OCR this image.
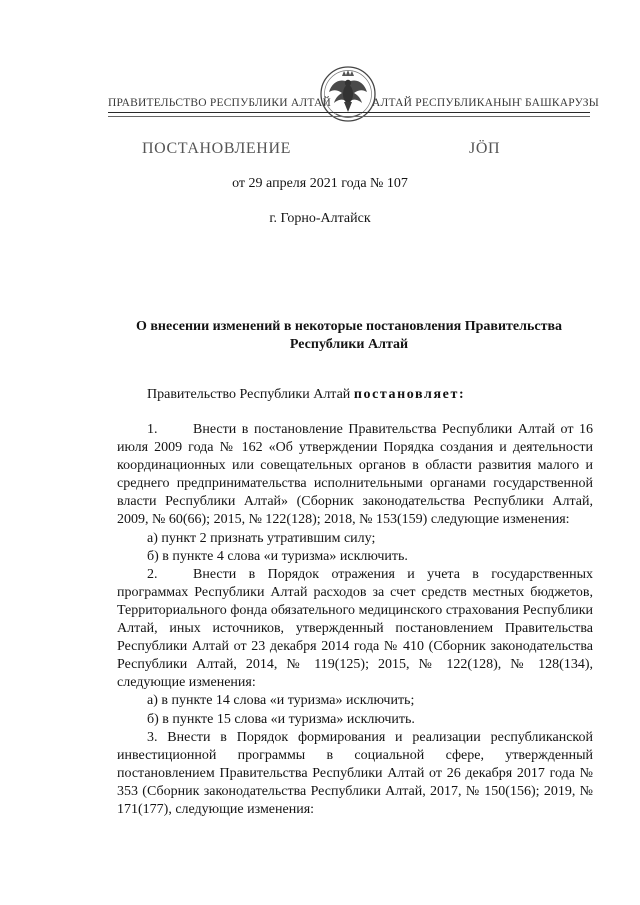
ПРАВИТЕЛЬСТВО РЕСПУБЛИКИ АЛТАЙ	АЛТАЙ РЕСПУБЛИКАНЫҤ БАШКАРУЗЫ
ПОСТАНОВЛЕНИЕ	ЈӦП
от 29 апреля 2021 года № 107
г. Горно-Алтайск
О внесении изменений в некоторые постановления Правительства Республики Алтай
Правительство Республики Алтай постановляет:

1.	Внести в постановление Правительства Республики Алтай от 16 июля 2009 года № 162 «Об утверждении Порядка создания и деятельности координационных или совещательных органов в области развития малого и среднего предпринимательства исполнительными органами государственной власти Республики Алтай» (Сборник законодательства Республики Алтай, 2009, № 60(66); 2015, № 122(128); 2018, № 153(159) следующие изменения:

а) пункт 2 признать утратившим силу;

б) в пункте 4 слова «и туризма» исключить.

2.	Внести в Порядок отражения и учета в государственных программах Республики Алтай расходов за счет средств местных бюджетов, Территориального фонда обязательного медицинского страхования Республики Алтай, иных источников, утвержденный постановлением Правительства Республики Алтай от 23 декабря 2014 года № 410 (Сборник законодательства Республики Алтай, 2014, № 119(125); 2015, № 122(128), № 128(134), следующие изменения:

а) в пункте 14 слова «и туризма» исключить;

б) в пункте 15 слова «и туризма» исключить.

3. Внести в Порядок формирования и реализации республиканской инвестиционной программы в социальной сфере, утвержденный постановлением Правительства Республики Алтай от 26 декабря 2017 года № 353 (Сборник законодательства Республики Алтай, 2017, № 150(156); 2019, № 171(177), следующие изменения:
